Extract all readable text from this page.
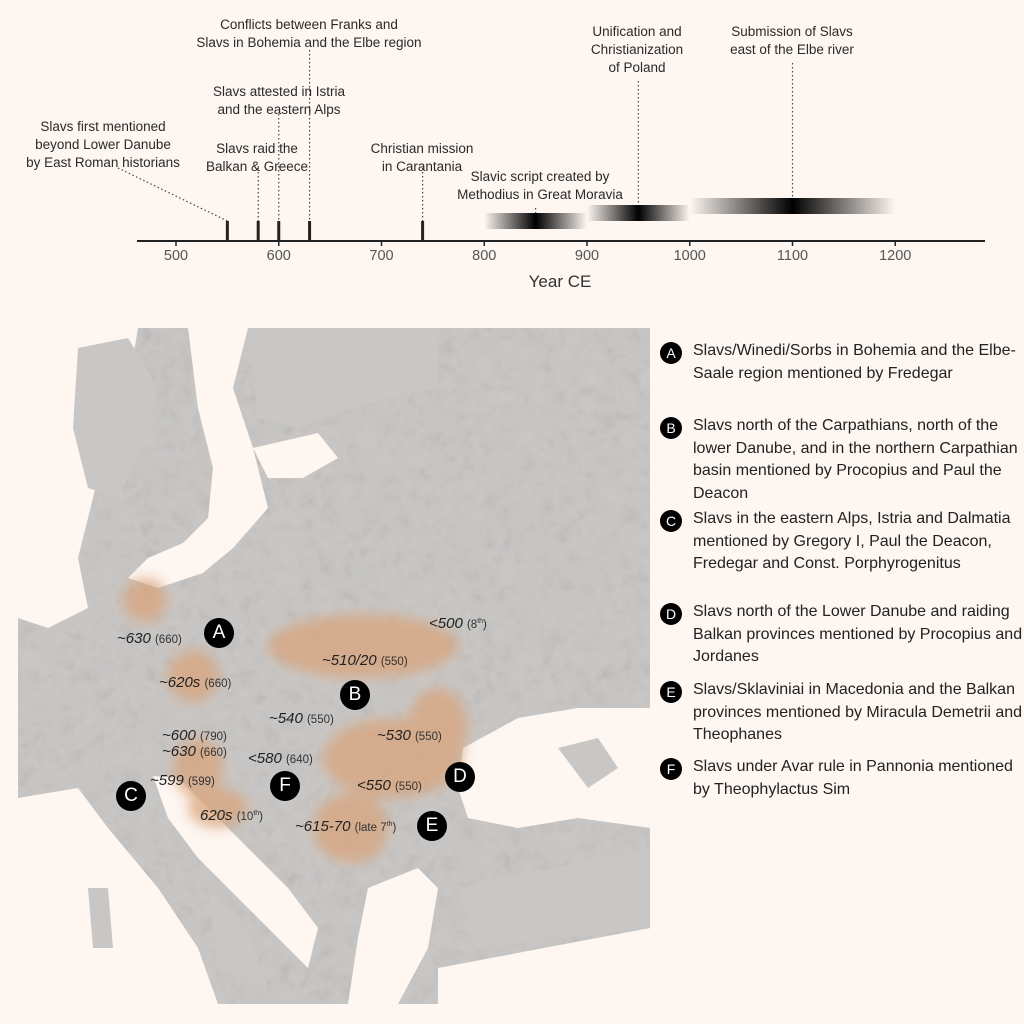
500	600	700	800	900	1000	1100	1200
Slavs first mentioned
beyond Lower Danube
by East Roman historians
Slavs raid the
Balkan & Greece
Slavs attested in Istria
and the eastern Alps
Conflicts between Franks and
Slavs in Bohemia and the Elbe region
Christian mission
in Carantania
Slavic script created by
Methodius in Great Moravia
Unification and
Christianization
of Poland
Submission of Slavs
east of the Elbe river
Year CE
~630 (660)
~620s (660)
<500 (8th)
~510/20 (550)
~540 (550)
~600 (790)
~630 (660)
~530 (550)
<580 (640)
~599 (599)	<550 (550)
620s (10th)
~615-70 (late 7th)
A
B
C
D
E
F
A	Slavs/Winedi/Sorbs in Bohemia and the Elbe-Saale region mentioned by Fredegar
B	Slavs north of the Carpathians, north of the lower Danube, and in the northern Carpathian basin mentioned by Procopius and Paul the Deacon
C	Slavs in the eastern Alps, Istria and Dalmatia mentioned by Gregory I, Paul the Deacon, Fredegar and Const. Porphyrogenitus
D	Slavs north of the Lower Danube and raiding Balkan provinces mentioned by Procopius and Jordanes
E	Slavs/Sklaviniai in Macedonia and the Balkan provinces mentioned by Miracula Demetrii and Theophanes
F	Slavs under Avar rule in Pannonia mentioned by Theophylactus Sim
